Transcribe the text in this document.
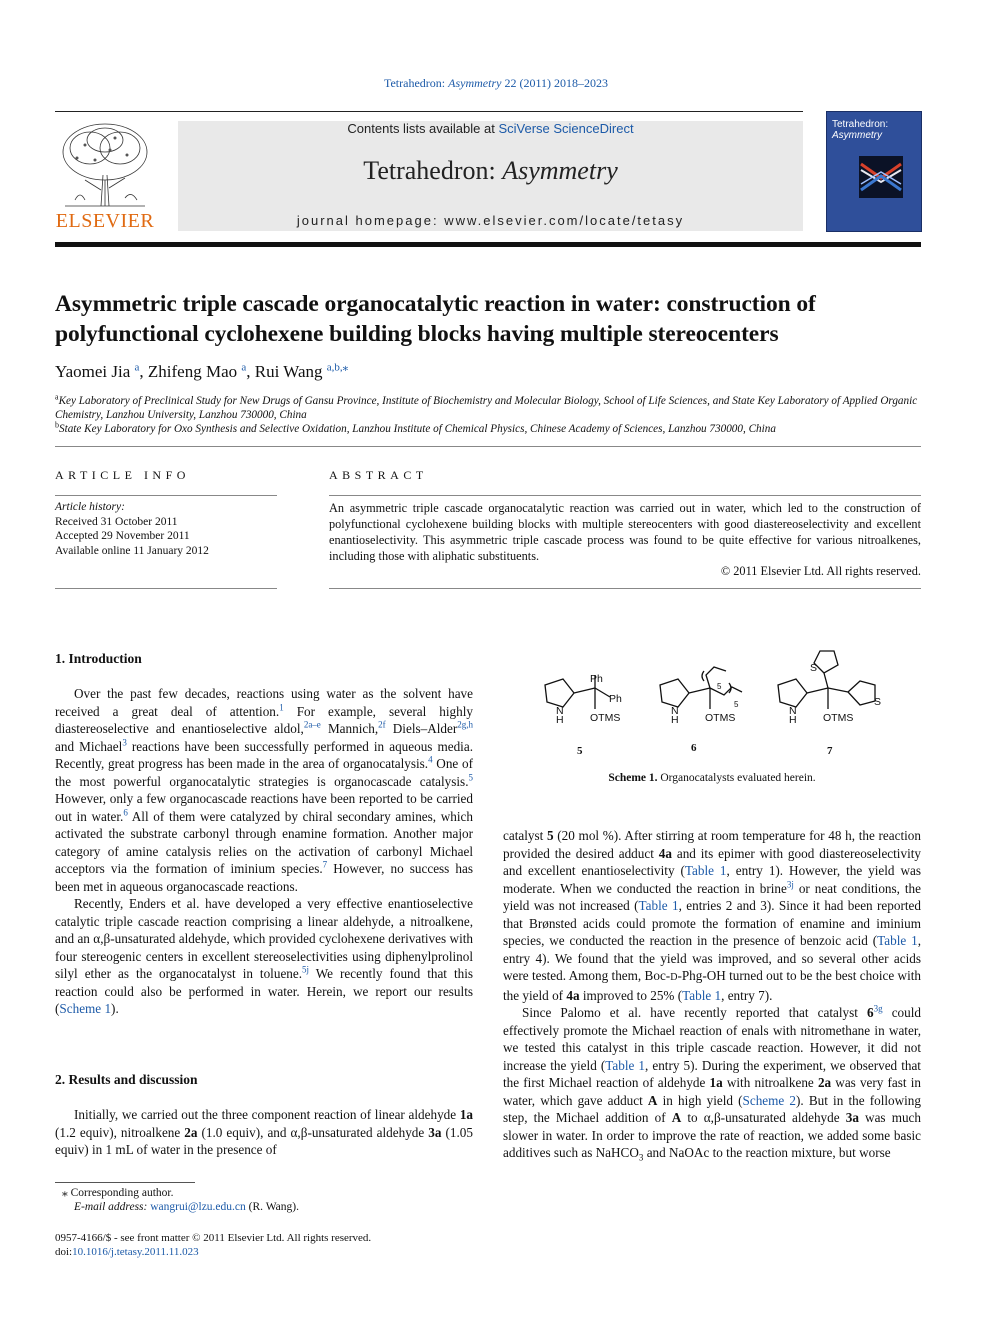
Tetrahedron: Asymmetry 22 (2011) 2018–2023
ELSEVIER
Contents lists available at SciVerse ScienceDirect
Tetrahedron: Asymmetry
journal homepage: www.elsevier.com/locate/tetasy
Tetrahedron:
Asymmetry
Asymmetric triple cascade organocatalytic reaction in water: construction of polyfunctional cyclohexene building blocks having multiple stereocenters
Yaomei Jia $^a$, Zhifeng Mao $^a$, Rui Wang $^{a,b,⁎}$
$^a$Key Laboratory of Preclinical Study for New Drugs of Gansu Province, Institute of Biochemistry and Molecular Biology, School of Life Sciences, and State Key Laboratory of Applied Organic Chemistry, Lanzhou University, Lanzhou 730000, China
$^b$State Key Laboratory for Oxo Synthesis and Selective Oxidation, Lanzhou Institute of Chemical Physics, Chinese Academy of Sciences, Lanzhou 730000, China
ARTICLE INFO
Article history:
Received 31 October 2011
Accepted 29 November 2011
Available online 11 January 2012
ABSTRACT
An asymmetric triple cascade organocatalytic reaction was carried out in water, which led to the construction of polyfunctional cyclohexene building blocks with multiple stereocenters with good diastereoselectivity and excellent enantioselectivity. This asymmetric triple cascade process was found to be quite effective for various nitroalkenes, including those with aliphatic substituents.
© 2011 Elsevier Ltd. All rights reserved.
1. Introduction

Over the past few decades, reactions using water as the solvent have received a great deal of attention.$^1$ For example, several highly diastereoselective and enantioselective aldol,$^{2a-e}$ Mannich,$^{2f}$ Diels–Alder$^{2g,h}$ and Michael$^3$ reactions have been successfully performed in aqueous media. Recently, great progress has been made in the area of organocatalysis.$^4$ One of the most powerful organocatalytic strategies is organocascade catalysis.$^5$ However, only a few organocascade reactions have been reported to be carried out in water.$^6$ All of them were catalyzed by chiral secondary amines, which activated the substrate carbonyl through enamine formation. Another major category of amine catalysis relies on the activation of carbonyl Michael acceptors via the formation of iminium species.$^7$ However, no success has been met in aqueous organocascade reactions.

Recently, Enders et al. have developed a very effective enantioselective catalytic triple cascade reaction comprising a linear aldehyde, a nitroalkene, and an α,β-unsaturated aldehyde, which provided cyclohexene derivatives with four stereogenic centers in excellent stereoselectivities using diphenylprolinol silyl ether as the organocatalyst in toluene.$^{5j}$ We recently found that this reaction could also be performed in water. Herein, we report our results (Scheme 1).

2. Results and discussion

Initially, we carried out the three component reaction of linear aldehyde 1a (1.2 equiv), nitroalkene 2a (1.0 equiv), and α,β-unsaturated aldehyde 3a (1.05 equiv) in 1 mL of water in the presence of

Ph
Ph
N
H	OTMS
N
H	OTMS
5
5
N
H	OTMS
S
S
5	6	7
Scheme 1. Organocatalysts evaluated herein.

catalyst 5 (20 mol %). After stirring at room temperature for 48 h, the reaction provided the desired adduct 4a and its epimer with good diastereoselectivity and excellent enantioselectivity (Table 1, entry 1). However, the yield was moderate. When we conducted the reaction in brine$^{3j}$ or neat conditions, the yield was not increased (Table 1, entries 2 and 3). Since it had been reported that Brønsted acids could promote the formation of enamine and iminium species, we conducted the reaction in the presence of benzoic acid (Table 1, entry 4). We found that the yield was improved, and so several other acids were tested. Among them, Boc-D-Phg-OH turned out to be the best choice with the yield of 4a improved to 25% (Table 1, entry 7).

Since Palomo et al. have recently reported that catalyst $6^{3g}$ could effectively promote the Michael reaction of enals with nitromethane in water, we tested this catalyst in this triple cascade reaction. However, it did not increase the yield (Table 1, entry 5). During the experiment, we observed that the first Michael reaction of aldehyde 1a with nitroalkene 2a was very fast in water, which gave adduct A in high yield (Scheme 2). But in the following step, the Michael addition of A to α,β-unsaturated aldehyde 3a was much slower in water. In order to improve the rate of reaction, we added some basic additives such as NaHCO$_3$ and NaOAc to the reaction mixture, but worse

⁎ Corresponding author.
E-mail address: wangrui@lzu.edu.cn (R. Wang).
0957-4166/$ - see front matter © 2011 Elsevier Ltd. All rights reserved.
doi:10.1016/j.tetasy.2011.11.023
